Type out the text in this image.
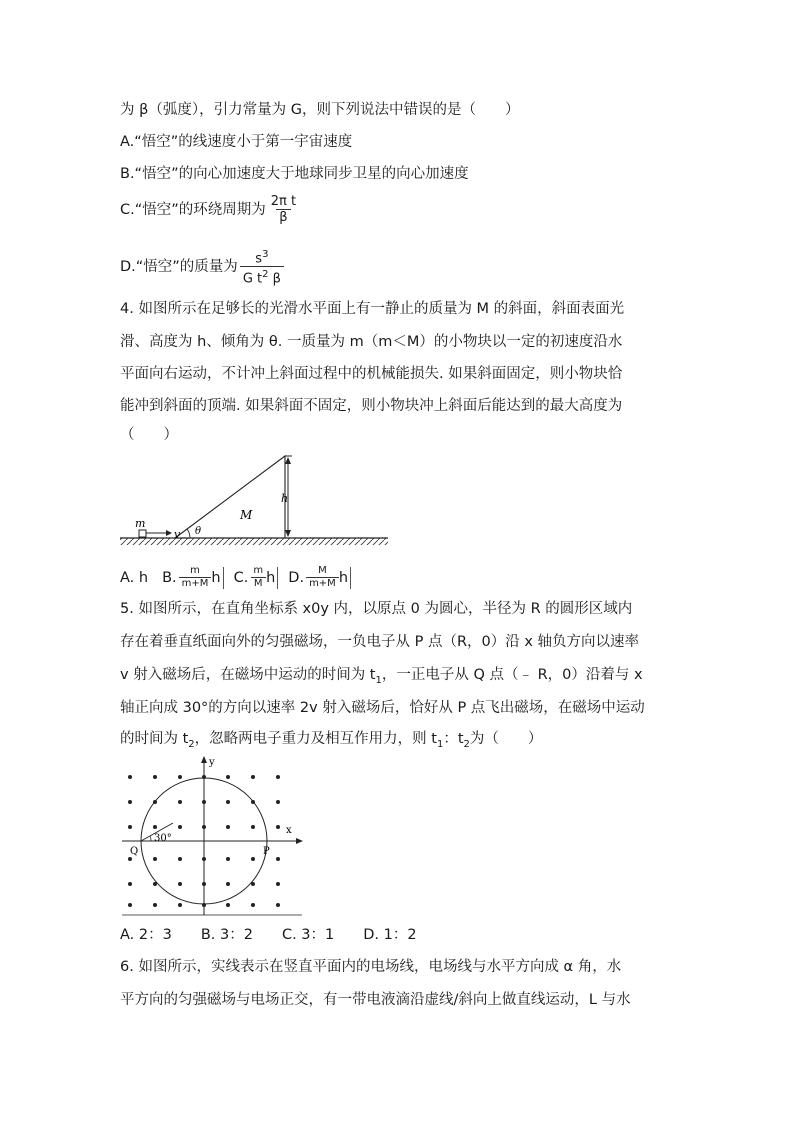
为 β（弧度），引力常量为 G，则下列说法中错误的是（　　）
A.“悟空”的线速度小于第一宇宙速度
B.“悟空”的向心加速度大于地球同步卫星的向心加速度
C.“悟空”的环绕周期为 $\frac{\text{2π t}}{\beta}$
D.“悟空”的质量为 $\frac{s^3}{G t^2 \beta}$
4. 如图所示在足够长的光滑水平面上有一静止的质量为 M 的斜面，斜面表面光
滑、高度为 h、倾角为 θ. 一质量为 m（m＜M）的小物块以一定的初速度沿水
平面向右运动，不计冲上斜面过程中的机械能损失. 如果斜面固定，则小物块恰
能冲到斜面的顶端. 如果斜面不固定，则小物块冲上斜面后能达到的最大高度为
（　　）
m
v θ
M
h
A. h B. $\frac{m}{m+M}$ h C. $\frac{m}{M}$ h D. $\frac{M}{m+M}$ h
5. 如图所示，在直角坐标系 x0y 内，以原点 0 为圆心，半径为 R 的圆形区域内
存在着垂直纸面向外的匀强磁场，一负电子从 P 点（R，0）沿 x 轴负方向以速率
v 射入磁场后，在磁场中运动的时间为 $t_1$，一正电子从 Q 点（﹣ R，0）沿着与 x
轴正向成 30°的方向以速率 2v 射入磁场后，恰好从 P 点飞出磁场，在磁场中运动
的时间为 $t_2$，忽略两电子重力及相互作用力，则 $t_1$：$t_2$为（　　）
y
x
Q	P
30°
A. 2：3　　B. 3：2　　C. 3：1　　D. 1：2
6. 如图所示，实线表示在竖直平面内的电场线，电场线与水平方向成 α 角，水
平方向的匀强磁场与电场正交，有一带电液滴沿虚线/斜向上做直线运动，L 与水
